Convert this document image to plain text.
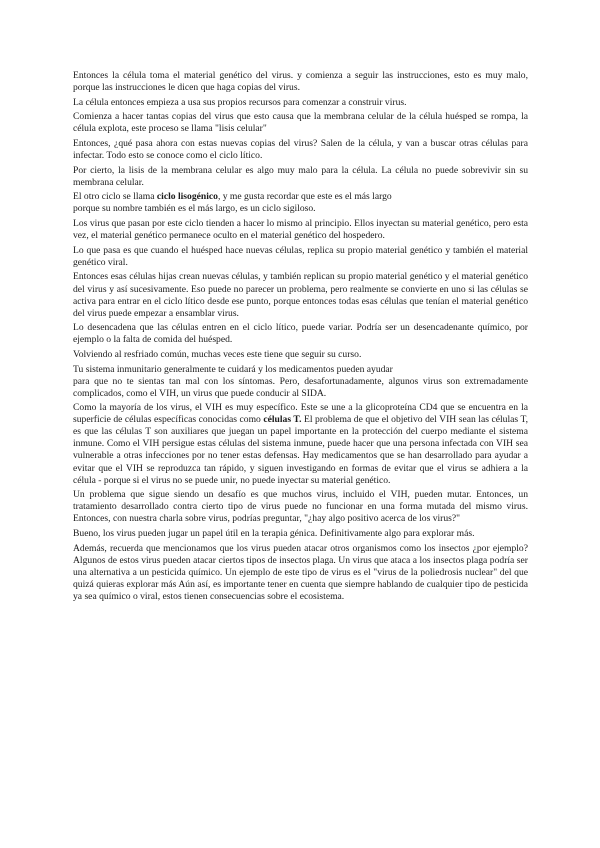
Entonces la célula toma el material genético del virus. y comienza a seguir las instrucciones, esto es muy malo, porque las instrucciones le dicen que haga copias del virus.

La célula entonces empieza a usa sus propios recursos para comenzar a construir virus.

Comienza a hacer tantas copias del virus que esto causa que la membrana celular de la célula huésped se rompa, la célula explota, este proceso se llama "lisis celular"

Entonces, ¿qué pasa ahora con estas nuevas copias del virus? Salen de la célula, y van a buscar otras células para infectar. Todo esto se conoce como el ciclo lítico.

Por cierto, la lisis de la membrana celular es algo muy malo para la célula. La célula no puede sobrevivir sin su membrana celular.

El otro ciclo se llama ciclo lisogénico, y me gusta recordar que este es el más largo

porque su nombre también es el más largo, es un ciclo sigiloso.

Los virus que pasan por este ciclo tienden a hacer lo mismo al principio. Ellos inyectan su material genético, pero esta vez, el material genético permanece oculto en el material genético del hospedero.

Lo que pasa es que cuando el huésped hace nuevas células, replica su propio material genético y también el material genético viral.

Entonces esas células hijas crean nuevas células, y también replican su propio material genético y el material genético del virus y así sucesivamente. Eso puede no parecer un problema, pero realmente se convierte en uno si las células se activa para entrar en el ciclo lítico desde ese punto, porque entonces todas esas células que tenían el material genético del virus puede empezar a ensamblar virus.

Lo desencadena que las células entren en el ciclo lítico, puede variar. Podría ser un desencadenante químico, por ejemplo o la falta de comida del huésped.

Volviendo al resfriado común, muchas veces este tiene que seguir su curso.

Tu sistema inmunitario generalmente te cuidará y los medicamentos pueden ayudar

para que no te sientas tan mal con los síntomas. Pero, desafortunadamente, algunos virus son extremadamente complicados, como el VIH, un virus que puede conducir al SIDA.

Como la mayoría de los virus, el VIH es muy específico. Este se une a la glicoproteína CD4 que se encuentra en la superficie de células específicas conocidas como células T. El problema de que el objetivo del VIH sean las células T, es que las células T son auxiliares que juegan un papel importante en la protección del cuerpo mediante el sistema inmune. Como el VIH persigue estas células del sistema inmune, puede hacer que una persona infectada con VIH sea vulnerable a otras infecciones por no tener estas defensas. Hay medicamentos que se han desarrollado para ayudar a evitar que el VIH se reproduzca tan rápido, y siguen investigando en formas de evitar que el virus se adhiera a la célula - porque si el virus no se puede unir, no puede inyectar su material genético.

Un problema que sigue siendo un desafío es que muchos virus, incluido el VIH, pueden mutar. Entonces, un tratamiento desarrollado contra cierto tipo de virus puede no funcionar en una forma mutada del mismo virus. Entonces, con nuestra charla sobre virus, podrías preguntar, "¿hay algo positivo acerca de los virus?"

Bueno, los virus pueden jugar un papel útil en la terapia génica. Definitivamente algo para explorar más.

Además, recuerda que mencionamos que los virus pueden atacar otros organismos como los insectos ¿por ejemplo? Algunos de estos virus pueden atacar ciertos tipos de insectos plaga. Un virus que ataca a los insectos plaga podría ser una alternativa a un pesticida químico. Un ejemplo de este tipo de virus es el "virus de la poliedrosis nuclear" del que quizá quieras explorar más Aún así, es importante tener en cuenta que siempre hablando de cualquier tipo de pesticida ya sea químico o viral, estos tienen consecuencias sobre el ecosistema.
